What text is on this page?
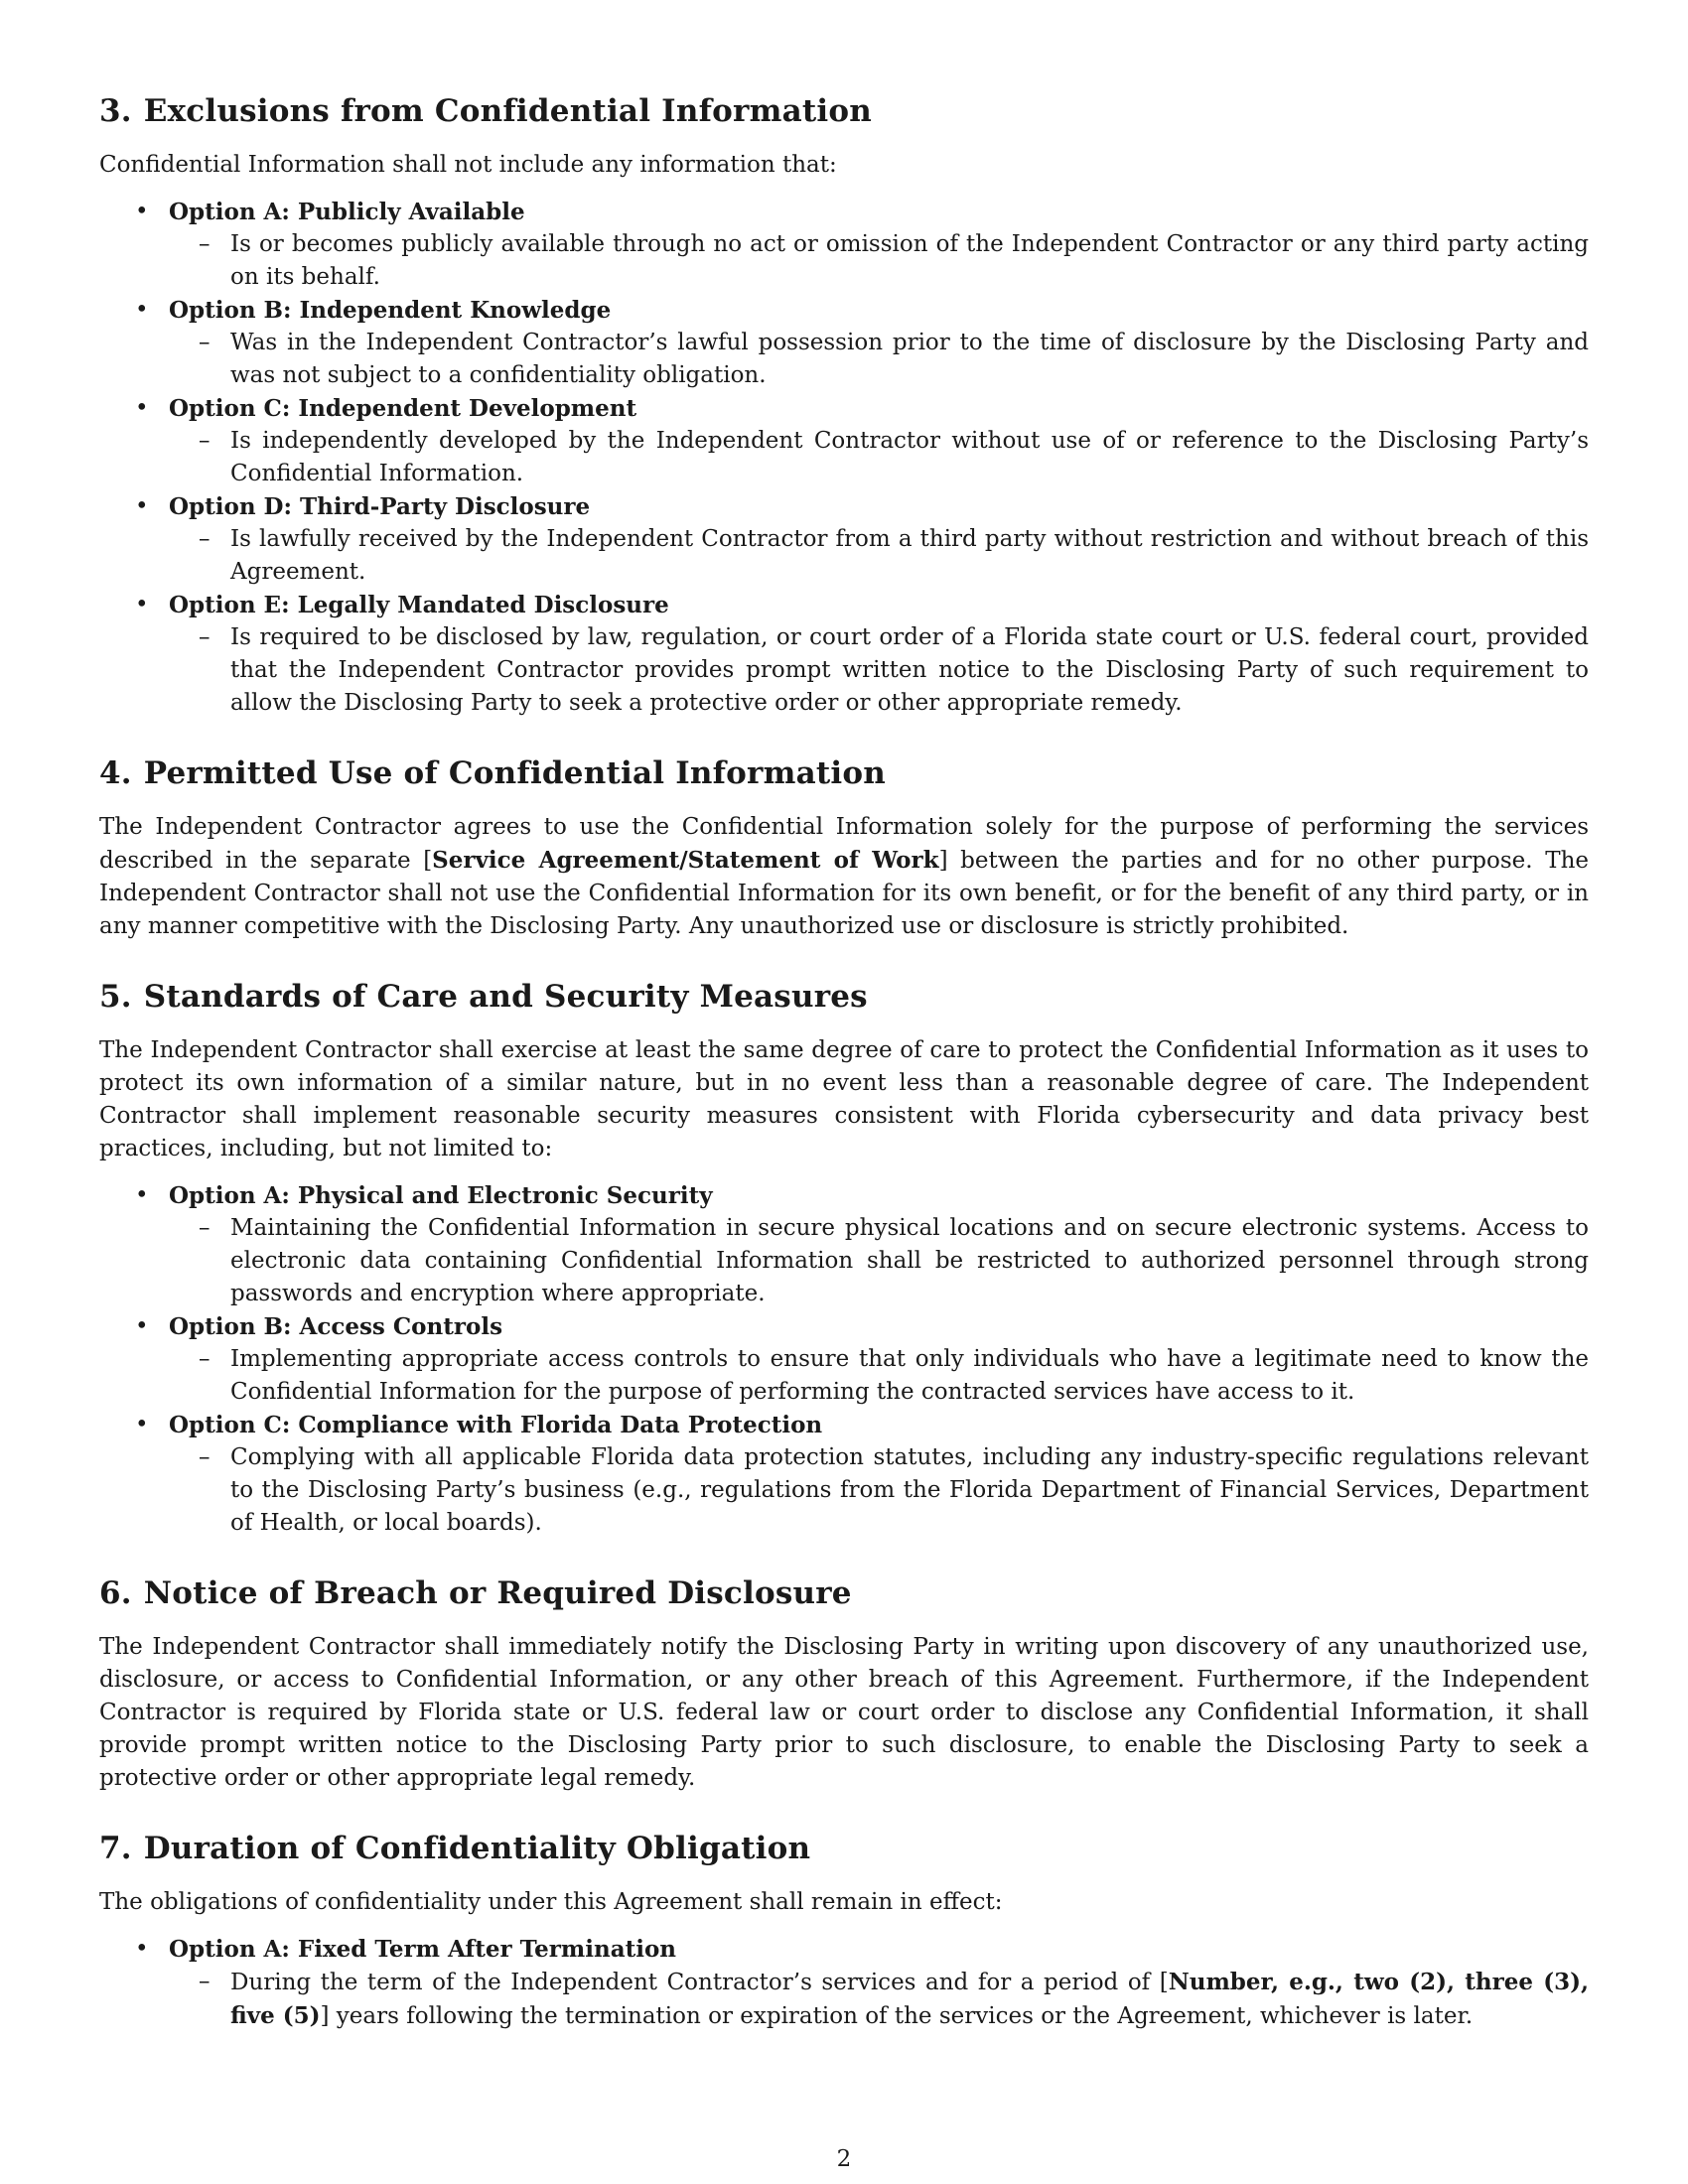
3. Exclusions from Confidential Information

Confidential Information shall not include any information that:

• Option A: Publicly Available
– Is or becomes publicly available through no act or omission of the Independent Contractor or any third party acting on its behalf.
• Option B: Independent Knowledge
– Was in the Independent Contractor’s lawful possession prior to the time of disclosure by the Disclosing Party and was not subject to a confidentiality obligation.
• Option C: Independent Development
– Is independently developed by the Independent Contractor without use of or reference to the Disclosing Party’s Confidential Information.
• Option D: Third-Party Disclosure
– Is lawfully received by the Independent Contractor from a third party without restriction and without breach of this Agreement.
• Option E: Legally Mandated Disclosure
– Is required to be disclosed by law, regulation, or court order of a Florida state court or U.S. federal court, provided that the Independent Contractor provides prompt written notice to the Disclosing Party of such requirement to allow the Disclosing Party to seek a protective order or other appropriate remedy.
4. Permitted Use of Confidential Information

The Independent Contractor agrees to use the Confidential Information solely for the purpose of performing the services described in the separate [Service Agreement/Statement of Work] between the parties and for no other purpose. The Independent Contractor shall not use the Confidential Information for its own benefit, or for the benefit of any third party, or in any manner competitive with the Disclosing Party. Any unauthorized use or disclosure is strictly prohibited.

5. Standards of Care and Security Measures

The Independent Contractor shall exercise at least the same degree of care to protect the Confidential Information as it uses to protect its own information of a similar nature, but in no event less than a reasonable degree of care. The Independent Contractor shall implement reasonable security measures consistent with Florida cybersecurity and data privacy best practices, including, but not limited to:

• Option A: Physical and Electronic Security
– Maintaining the Confidential Information in secure physical locations and on secure electronic systems. Access to electronic data containing Confidential Information shall be restricted to authorized personnel through strong passwords and encryption where appropriate.
• Option B: Access Controls
– Implementing appropriate access controls to ensure that only individuals who have a legitimate need to know the Confidential Information for the purpose of performing the contracted services have access to it.
• Option C: Compliance with Florida Data Protection
– Complying with all applicable Florida data protection statutes, including any industry-specific regulations relevant to the Disclosing Party’s business (e.g., regulations from the Florida Department of Financial Services, Department of Health, or local boards).
6. Notice of Breach or Required Disclosure

The Independent Contractor shall immediately notify the Disclosing Party in writing upon discovery of any unauthorized use, disclosure, or access to Confidential Information, or any other breach of this Agreement. Furthermore, if the Independent Contractor is required by Florida state or U.S. federal law or court order to disclose any Confidential Information, it shall provide prompt written notice to the Disclosing Party prior to such disclosure, to enable the Disclosing Party to seek a protective order or other appropriate legal remedy.

7. Duration of Confidentiality Obligation

The obligations of confidentiality under this Agreement shall remain in effect:

• Option A: Fixed Term After Termination
– During the term of the Independent Contractor’s services and for a period of [Number, e.g., two (2), three (3), five (5)] years following the termination or expiration of the services or the Agreement, whichever is later.
2
